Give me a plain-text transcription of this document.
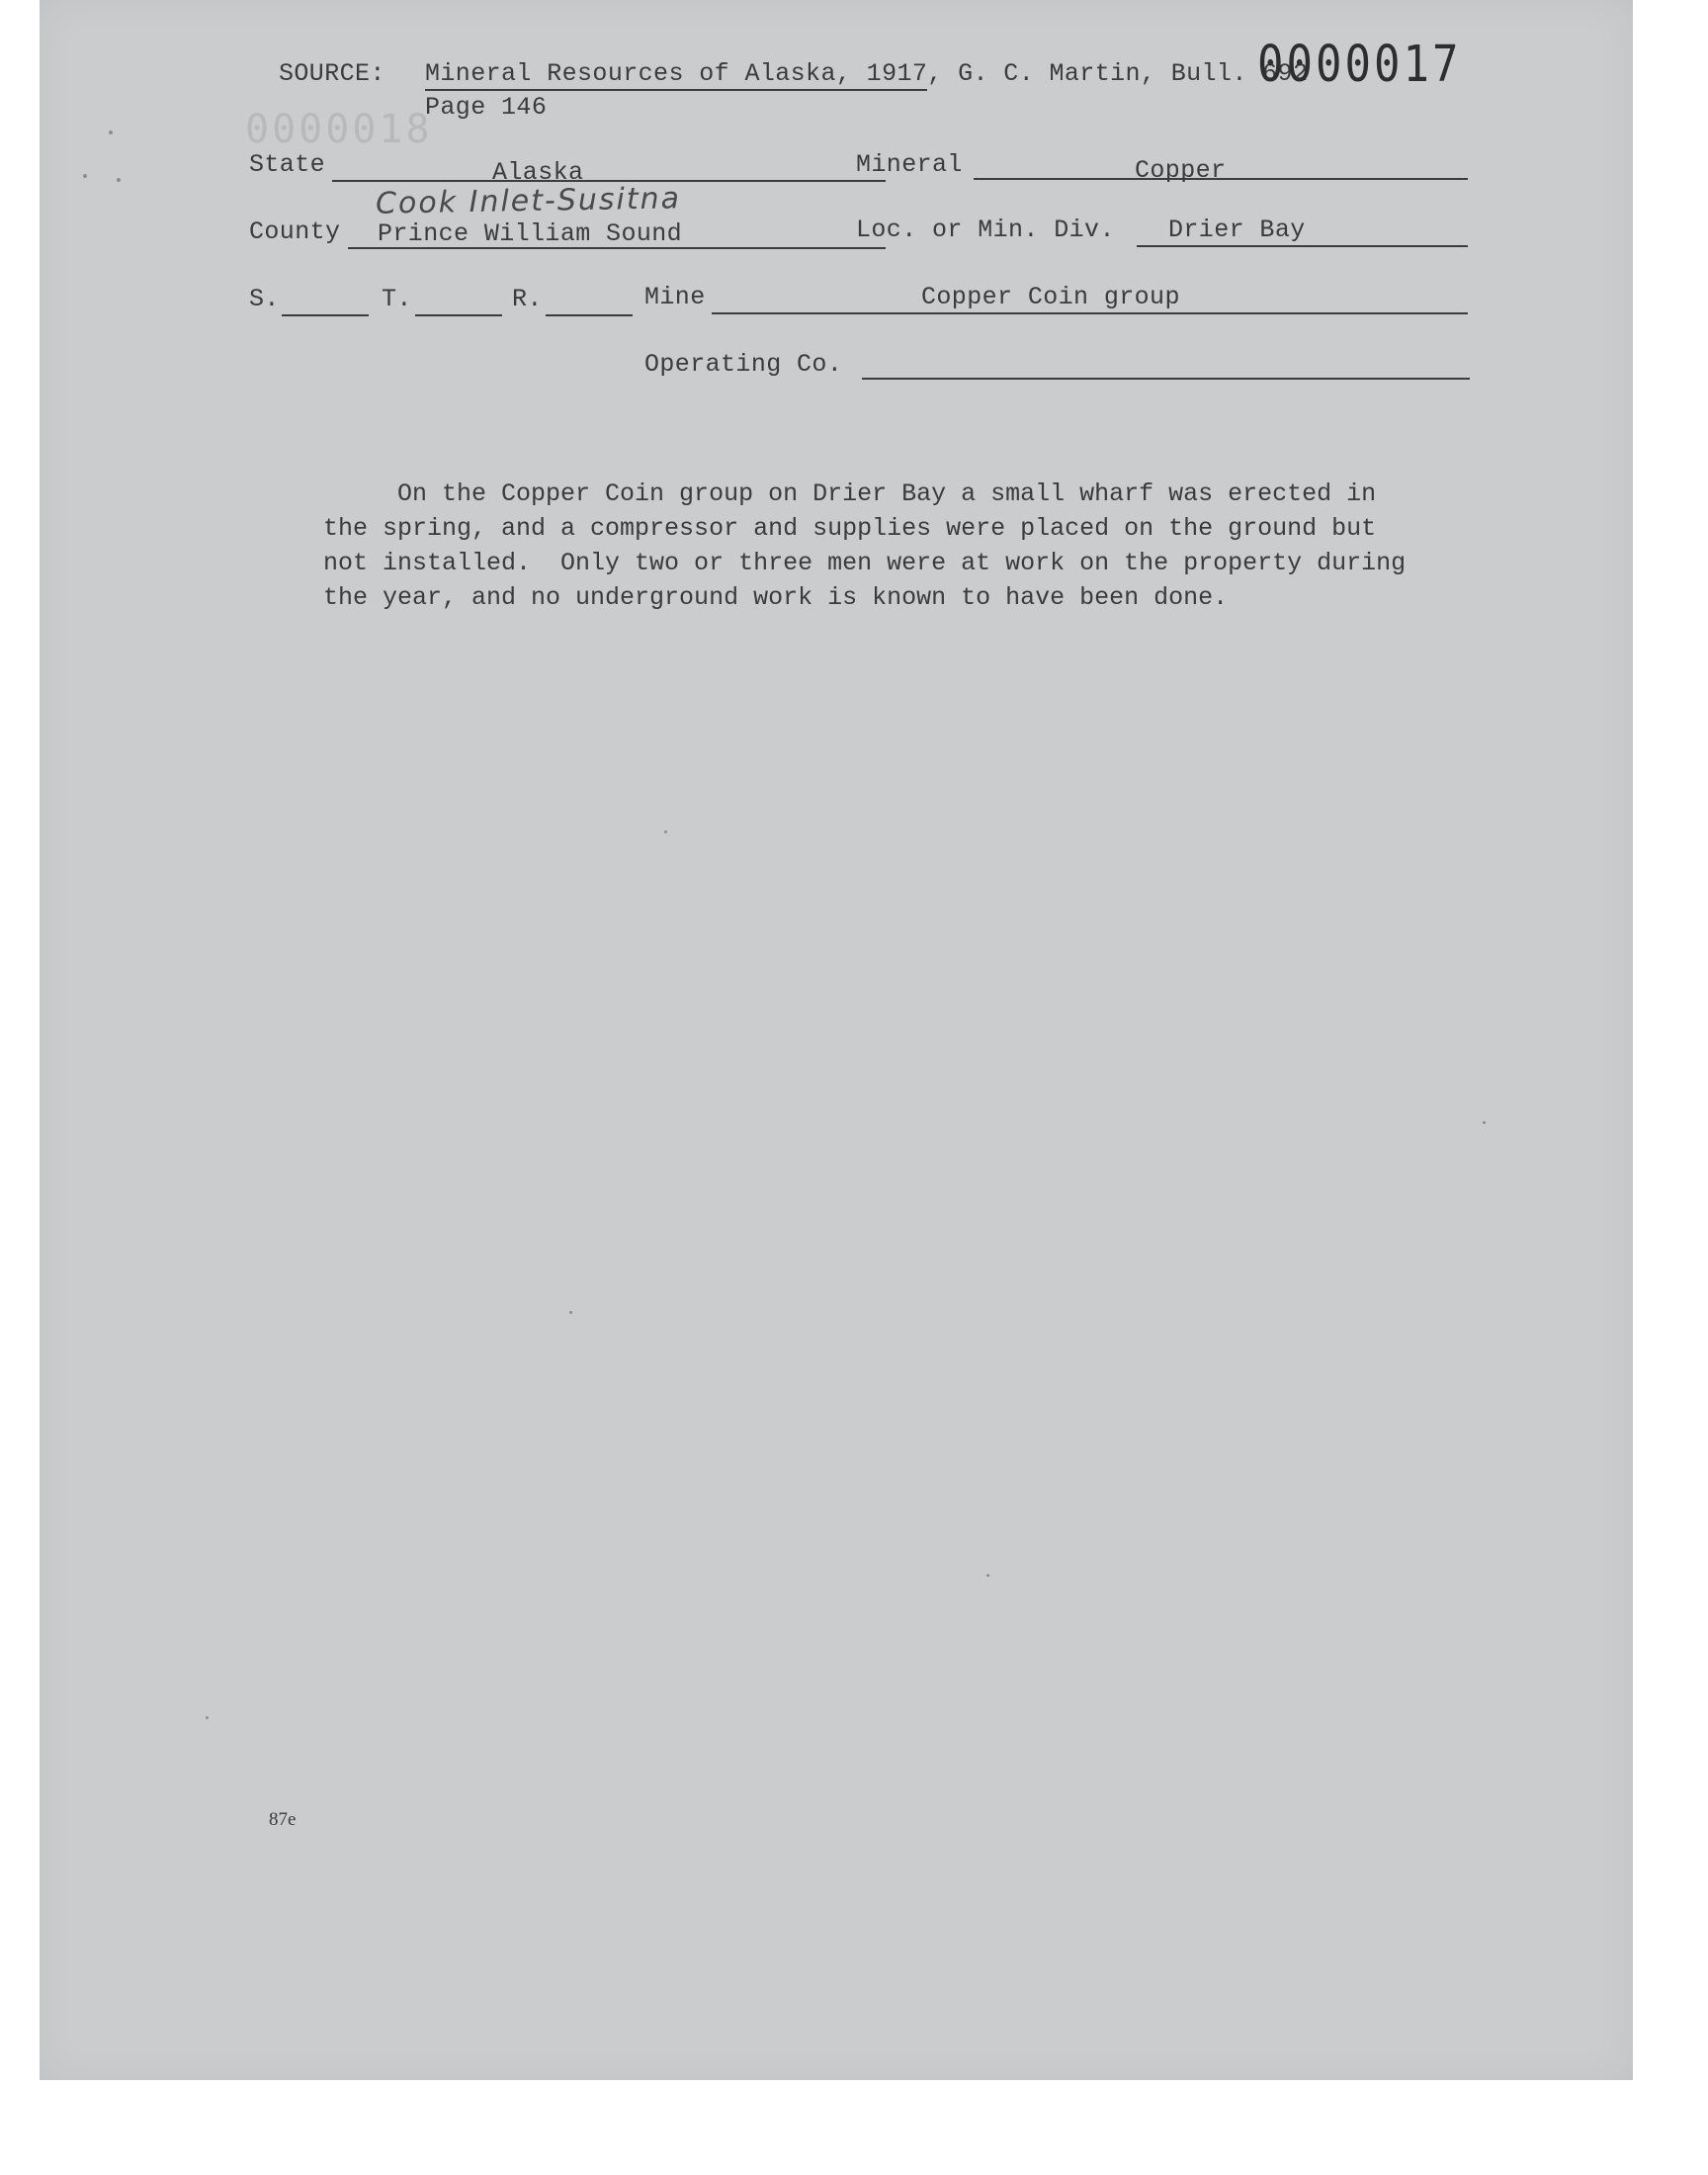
0000018
SOURCE: Mineral Resources of Alaska, 1917, G. C. Martin, Bull. 692
Page 146
0000017
State	Alaska	Mineral	Copper
Cook Inlet-Susitna
County Prince William Sound	Loc. or Min. Div. Drier Bay
S.	T.	R.	Mine	Copper Coin group
Operating Co.
On the Copper Coin group on Drier Bay a small wharf was erected in
the spring, and a compressor and supplies were placed on the ground but
not installed.  Only two or three men were at work on the property during
the year, and no underground work is known to have been done.
87e
